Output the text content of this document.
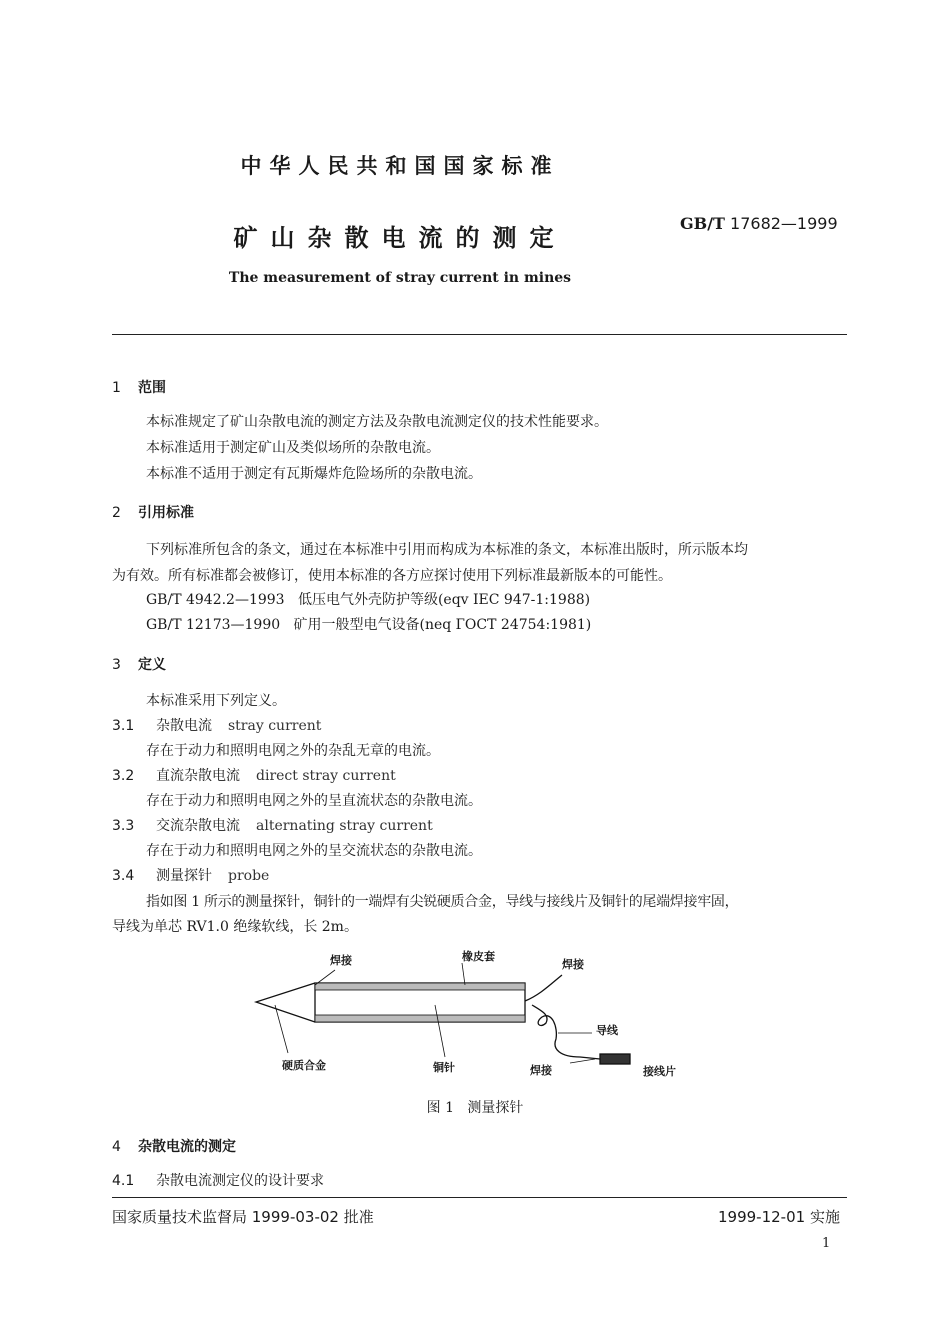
中华人民共和国国家标准
矿山杂散电流的测定
GB/T 17682—1999
The measurement of stray current in mines
1 范围
本标准规定了矿山杂散电流的测定方法及杂散电流测定仪的技术性能要求。
本标准适用于测定矿山及类似场所的杂散电流。
本标准不适用于测定有瓦斯爆炸危险场所的杂散电流。
2 引用标准
下列标准所包含的条文，通过在本标准中引用而构成为本标准的条文，本标准出版时，所示版本均
为有效。所有标准都会被修订，使用本标准的各方应探讨使用下列标准最新版本的可能性。
GB/T 4942.2—1993   低压电气外壳防护等级(eqv IEC 947-1:1988)
GB/T 12173—1990   矿用一般型电气设备(neq ГОСТ 24754:1981)
3 定义
本标准采用下列定义。
3.1 杂散电流 stray current
存在于动力和照明电网之外的杂乱无章的电流。
3.2 直流杂散电流 direct stray current
存在于动力和照明电网之外的呈直流状态的杂散电流。
3.3 交流杂散电流 alternating stray current
存在于动力和照明电网之外的呈交流状态的杂散电流。
3.4 测量探针 probe
指如图 1 所示的测量探针，铜针的一端焊有尖锐硬质合金，导线与接线片及铜针的尾端焊接牢固，
导线为单芯 RV1.0 绝缘软线，长 2m。
焊接	橡皮套
焊接
导线
硬质合金	铜针	焊接	接线片
图 1   测量探针
4 杂散电流的测定
4.1 杂散电流测定仪的设计要求
国家质量技术监督局 1999-03-02 批准	1999-12-01 实施
1
